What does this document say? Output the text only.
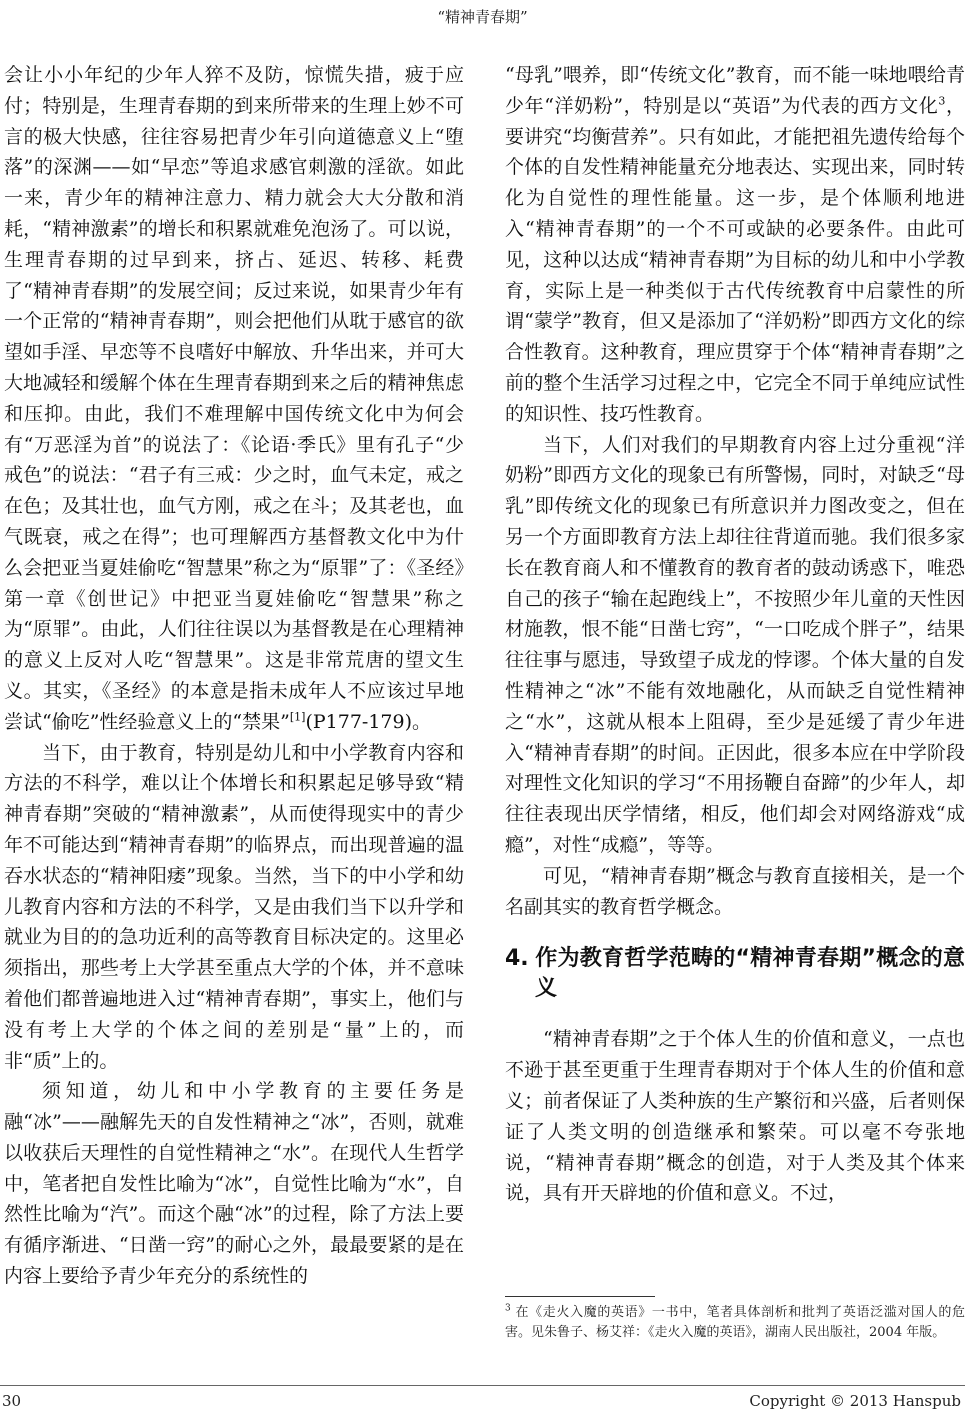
“精神青春期”

会让小小年纪的少年人猝不及防，惊慌失措，疲于应付；特别是，生理青春期的到来所带来的生理上妙不可言的极大快感，往往容易把青少年引向道德意义上“堕落”的深渊——如“早恋”等追求感官刺激的淫欲。如此一来，青少年的精神注意力、精力就会大大分散和消耗，“精神激素”的增长和积累就难免泡汤了。可以说，生理青春期的过早到来，挤占、延迟、转移、耗费了“精神青春期”的发展空间；反过来说，如果青少年有一个正常的“精神青春期”，则会把他们从耽于感官的欲望如手淫、早恋等不良嗜好中解放、升华出来，并可大大地减轻和缓解个体在生理青春期到来之后的精神焦虑和压抑。由此，我们不难理解中国传统文化中为何会有“万恶淫为首”的说法了：《论语·季氏》里有孔子“少戒色”的说法：“君子有三戒：少之时，血气未定，戒之在色；及其壮也，血气方刚，戒之在斗；及其老也，血气既衰，戒之在得”；也可理解西方基督教文化中为什么会把亚当夏娃偷吃“智慧果”称之为“原罪”了：《圣经》第一章《创世记》中把亚当夏娃偷吃“智慧果”称之为“原罪”。由此，人们往往误以为基督教是在心理精神的意义上反对人吃“智慧果”。这是非常荒唐的望文生义。其实，《圣经》的本意是指未成年人不应该过早地尝试“偷吃”性经验意义上的“禁果”[1](P177-179)。

当下，由于教育，特别是幼儿和中小学教育内容和方法的不科学，难以让个体增长和积累起足够导致“精神青春期”突破的“精神激素”，从而使得现实中的青少年不可能达到“精神青春期”的临界点，而出现普遍的温吞水状态的“精神阳痿”现象。当然，当下的中小学和幼儿教育内容和方法的不科学，又是由我们当下以升学和就业为目的的急功近利的高等教育目标决定的。这里必须指出，那些考上大学甚至重点大学的个体，并不意味着他们都普遍地进入过“精神青春期”，事实上，他们与没有考上大学的个体之间的差别是“量”上的，而非“质”上的。

须知道，幼儿和中小学教育的主要任务是融“冰”——融解先天的自发性精神之“冰”，否则，就难以收获后天理性的自觉性精神之“水”。在现代人生哲学中，笔者把自发性比喻为“冰”，自觉性比喻为“水”，自然性比喻为“汽”。而这个融“冰”的过程，除了方法上要有循序渐进、“日凿一窍”的耐心之外，最最要紧的是在内容上要给予青少年充分的系统性的

“母乳”喂养，即“传统文化”教育，而不能一味地喂给青少年“洋奶粉”，特别是以“英语”为代表的西方文化$^3$，要讲究“均衡营养”。只有如此，才能把祖先遗传给每个个体的自发性精神能量充分地表达、实现出来，同时转化为自觉性的理性能量。这一步，是个体顺利地进入“精神青春期”的一个不可或缺的必要条件。由此可见，这种以达成“精神青春期”为目标的幼儿和中小学教育，实际上是一种类似于古代传统教育中启蒙性的所谓“蒙学”教育，但又是添加了“洋奶粉”即西方文化的综合性教育。这种教育，理应贯穿于个体“精神青春期”之前的整个生活学习过程之中，它完全不同于单纯应试性的知识性、技巧性教育。

当下，人们对我们的早期教育内容上过分重视“洋奶粉”即西方文化的现象已有所警惕，同时，对缺乏“母乳”即传统文化的现象已有所意识并力图改变之，但在另一个方面即教育方法上却往往背道而驰。我们很多家长在教育商人和不懂教育的教育者的鼓动诱惑下，唯恐自己的孩子“输在起跑线上”，不按照少年儿童的天性因材施教，恨不能“日凿七窍”，“一口吃成个胖子”，结果往往事与愿违，导致望子成龙的悖谬。个体大量的自发性精神之“冰”不能有效地融化，从而缺乏自觉性精神之“水”，这就从根本上阻碍，至少是延缓了青少年进入“精神青春期”的时间。正因此，很多本应在中学阶段对理性文化知识的学习“不用扬鞭自奋蹄”的少年人，却往往表现出厌学情绪，相反，他们却会对网络游戏“成瘾”，对性“成瘾”，等等。

可见，“精神青春期”概念与教育直接相关，是一个名副其实的教育哲学概念。

4. 作为教育哲学范畴的“精神青春期”概念的意义

“精神青春期”之于个体人生的价值和意义，一点也不逊于甚至更重于生理青春期对于个体人生的价值和意义；前者保证了人类种族的生产繁衍和兴盛，后者则保证了人类文明的创造继承和繁荣。可以毫不夸张地说，“精神青春期”概念的创造，对于人类及其个体来说，具有开天辟地的价值和意义。不过，

$^3$ 在《走火入魔的英语》一书中，笔者具体剖析和批判了英语泛滥对国人的危害。见朱鲁子、杨艾祥：《走火入魔的英语》，湖南人民出版社，2004 年版。
30	Copyright © 2013 Hanspub
